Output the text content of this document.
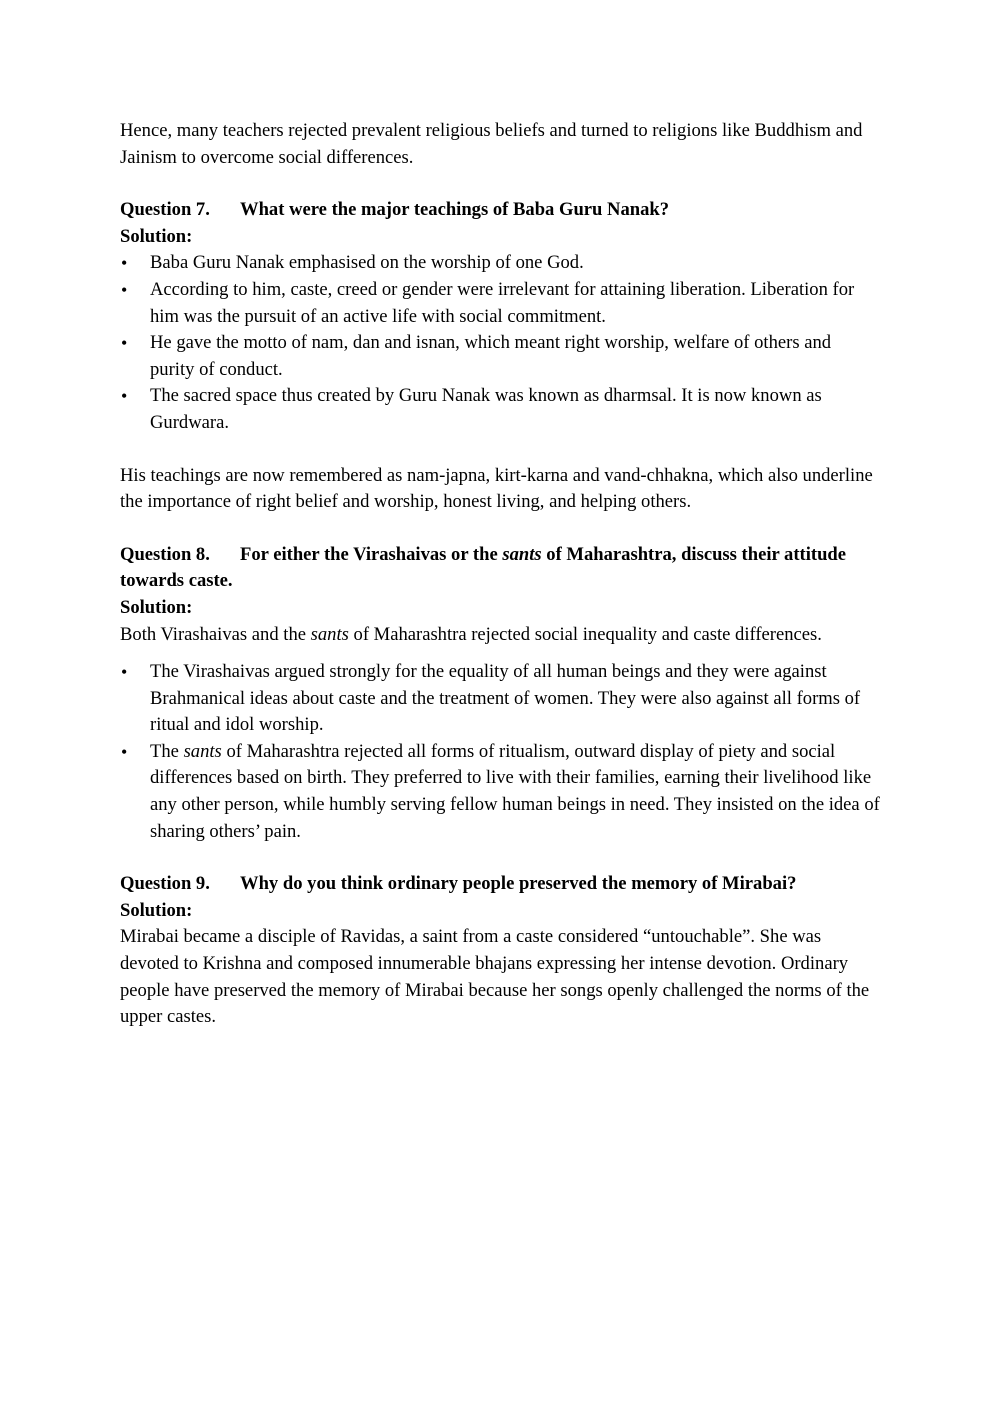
Hence, many teachers rejected prevalent religious beliefs and turned to religions like Buddhism and Jainism to overcome social differences.

Question 7. What were the major teachings of Baba Guru Nanak?

Solution:

• Baba Guru Nanak emphasised on the worship of one God.
• According to him, caste, creed or gender were irrelevant for attaining liberation. Liberation for him was the pursuit of an active life with social commitment.
• He gave the motto of nam, dan and isnan, which meant right worship, welfare of others and purity of conduct.
• The sacred space thus created by Guru Nanak was known as dharmsal. It is now known as Gurdwara.

His teachings are now remembered as nam-japna, kirt-karna and vand-chhakna, which also underline the importance of right belief and worship, honest living, and helping others.

Question 8. For either the Virashaivas or the sants of Maharashtra, discuss their attitude towards caste.

Solution:

Both Virashaivas and the sants of Maharashtra rejected social inequality and caste differences.

• The Virashaivas argued strongly for the equality of all human beings and they were against Brahmanical ideas about caste and the treatment of women. They were also against all forms of ritual and idol worship.
• The sants of Maharashtra rejected all forms of ritualism, outward display of piety and social differences based on birth. They preferred to live with their families, earning their livelihood like any other person, while humbly serving fellow human beings in need. They insisted on the idea of sharing others’ pain.

Question 9. Why do you think ordinary people preserved the memory of Mirabai?

Solution:

Mirabai became a disciple of Ravidas, a saint from a caste considered “untouchable”. She was devoted to Krishna and composed innumerable bhajans expressing her intense devotion. Ordinary people have preserved the memory of Mirabai because her songs openly challenged the norms of the upper castes.
